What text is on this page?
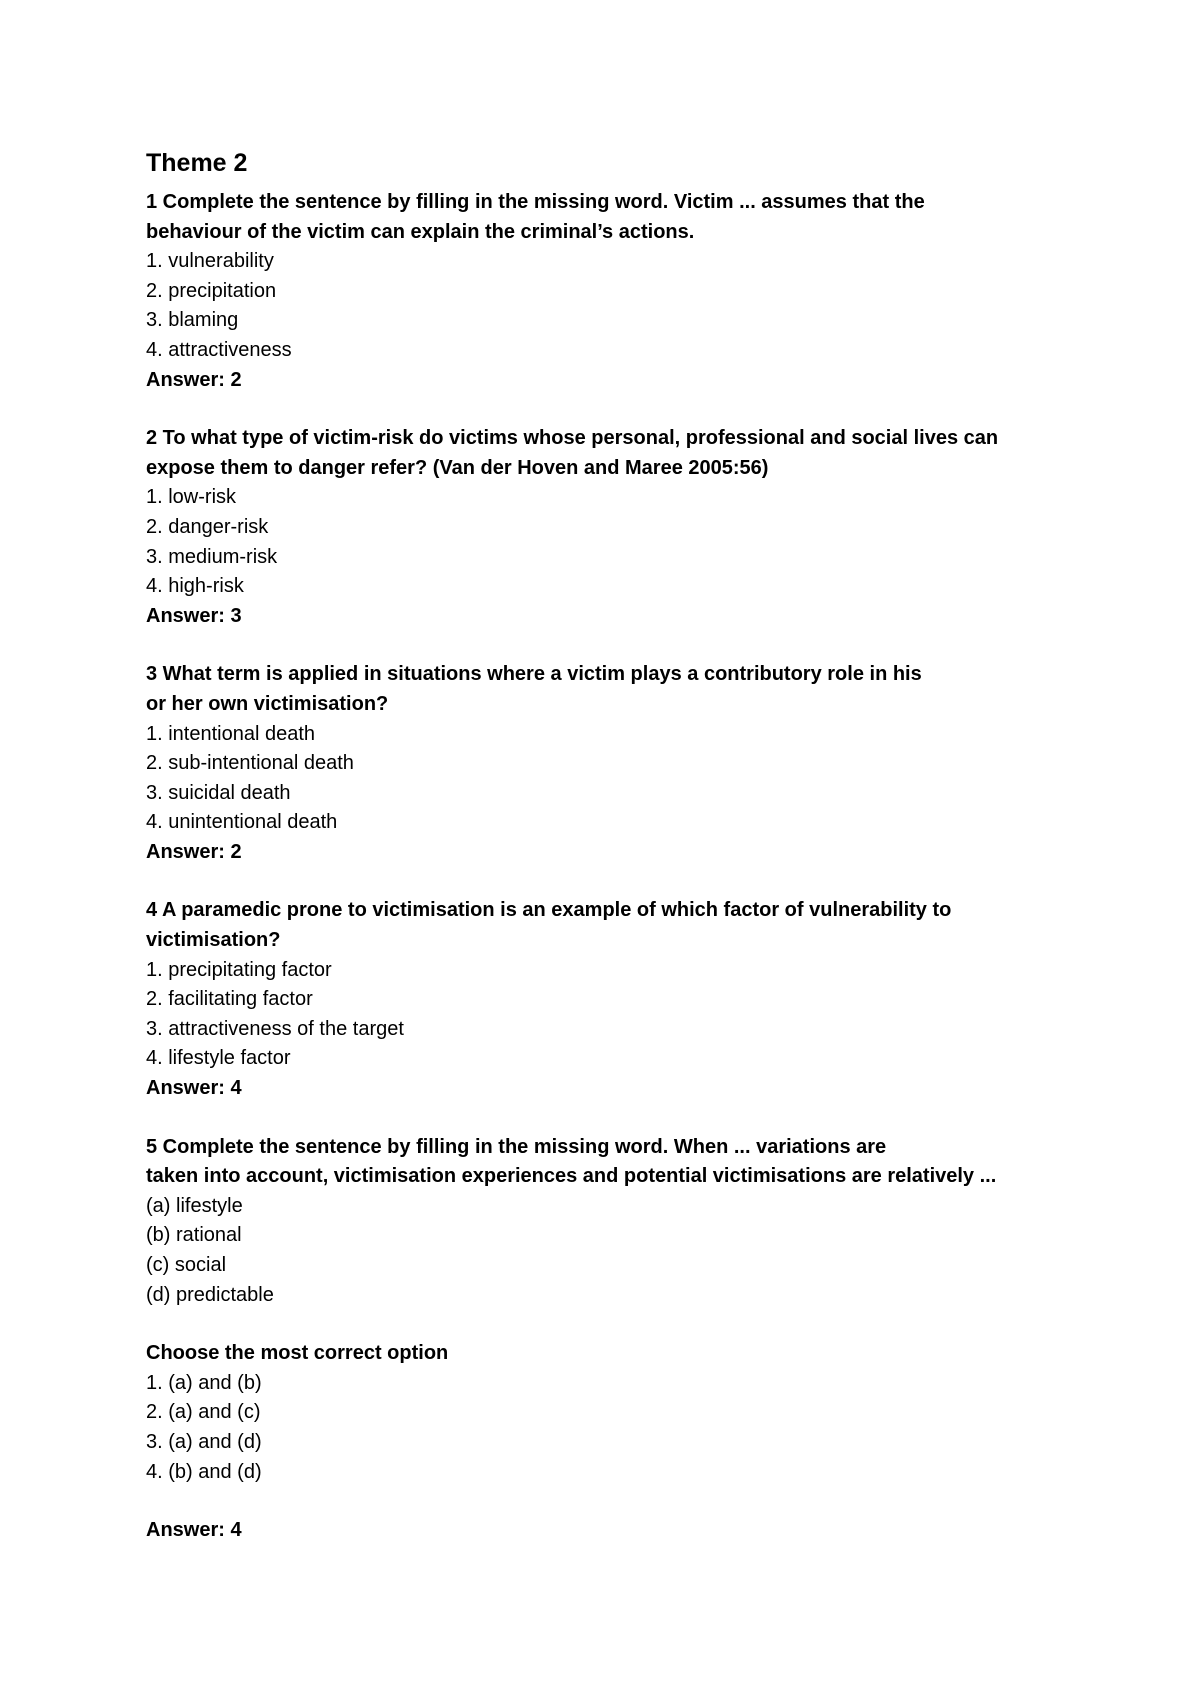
Theme 2
1 Complete the sentence by filling in the missing word. Victim ... assumes that the
behaviour of the victim can explain the criminal’s actions.
1. vulnerability
2. precipitation
3. blaming
4. attractiveness
Answer: 2
2 To what type of victim-risk do victims whose personal, professional and social lives can
expose them to danger refer? (Van der Hoven and Maree 2005:56)
1. low-risk
2. danger-risk
3. medium-risk
4. high-risk
Answer: 3
3 What term is applied in situations where a victim plays a contributory role in his
or her own victimisation?
1. intentional death
2. sub-intentional death
3. suicidal death
4. unintentional death
Answer: 2
4 A paramedic prone to victimisation is an example of which factor of vulnerability to
victimisation?
1. precipitating factor
2. facilitating factor
3. attractiveness of the target
4. lifestyle factor
Answer: 4
5 Complete the sentence by filling in the missing word. When ... variations are
taken into account, victimisation experiences and potential victimisations are relatively ...
(a) lifestyle
(b) rational
(c) social
(d) predictable
Choose the most correct option
1. (a) and (b)
2. (a) and (c)
3. (a) and (d)
4. (b) and (d)
Answer: 4
